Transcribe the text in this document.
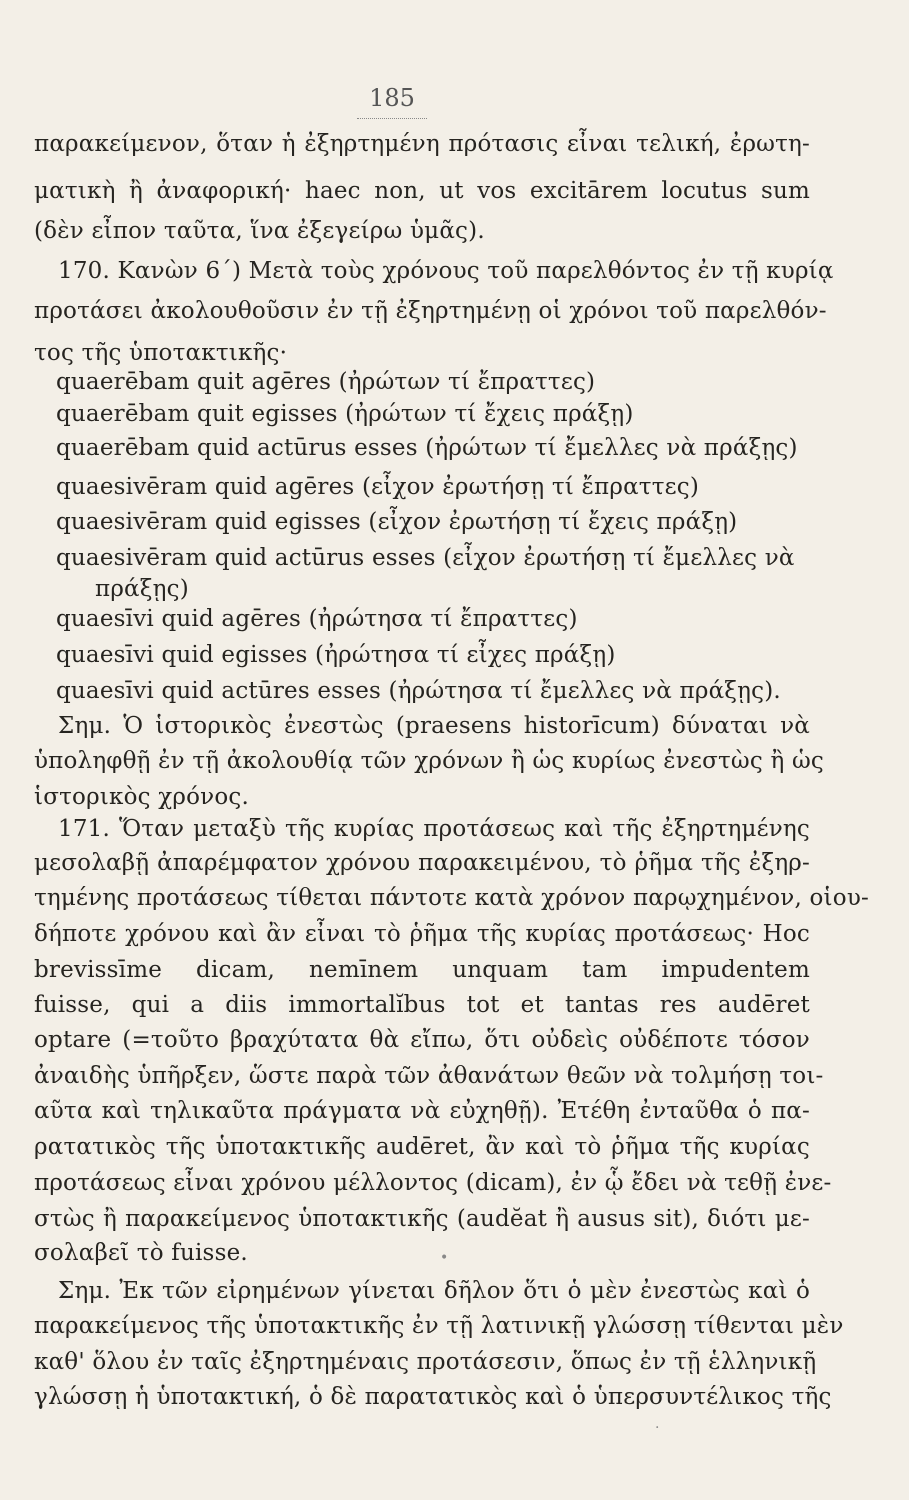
185
παρακείμενον, ὅταν ἡ ἐξηρτημένη πρότασις εἶναι τελική, ἐρωτη-
ματικὴ ἢ ἀναφορική· haec non, ut vos excitārem locutus sum
(δὲν εἶπον ταῦτα, ἵνα ἐξεγείρω ὑμᾶς).
170. Κανὼν 6´) Μετὰ τοὺς χρόνους τοῦ παρελθόντος ἐν τῇ κυρίᾳ
προτάσει ἀκολουθοῦσιν ἐν τῇ ἐξηρτημένῃ οἱ χρόνοι τοῦ παρελθόν-
τος τῆς ὑποτακτικῆς·
quaerēbam quit agēres (ἠρώτων τί ἔπραττες)
quaerēbam quit egisses (ἠρώτων τί ἔχεις πράξῃ)
quaerēbam quid actūrus esses (ἠρώτων τί ἔμελλες νὰ πράξῃς)
quaesivēram quid agēres (εἶχον ἐρωτήσῃ τί ἔπραττες)
quaesivēram quid egisses (εἶχον ἐρωτήσῃ τί ἔχεις πράξῃ)
quaesivēram quid actūrus esses (εἶχον ἐρωτήσῃ τί ἔμελλες νὰ
πράξῃς)
quaesīvi quid agēres (ἠρώτησα τί ἔπραττες)
quaesīvi quid egisses (ἠρώτησα τί εἶχες πράξῃ)
quaesīvi quid actūres esses (ἠρώτησα τί ἔμελλες νὰ πράξῃς).
Σημ. Ὁ ἱστορικὸς ἐνεστὼς (praesens historīcum) δύναται νὰ
ὑποληφθῇ ἐν τῇ ἀκολουθίᾳ τῶν χρόνων ἢ ὡς κυρίως ἐνεστὼς ἢ ὡς
ἱστορικὸς χρόνος.
171. Ὅταν μεταξὺ τῆς κυρίας προτάσεως καὶ τῆς ἐξηρτημένης
μεσολαβῇ ἀπαρέμφατον χρόνου παρακειμένου, τὸ ῥῆμα τῆς ἐξηρ-
τημένης προτάσεως τίθεται πάντοτε κατὰ χρόνον παρῳχημένον, οἱου-
δήποτε χρόνου καὶ ἂν εἶναι τὸ ῥῆμα τῆς κυρίας προτάσεως· Hoc
brevissīme dicam, nemīnem unquam tam impudentem
fuisse, qui a diis immortalĭbus tot et tantas res audēret
optare (=τοῦτο βραχύτατα θὰ εἴπω, ὅτι οὐδεὶς οὐδέποτε τόσον
ἀναιδὴς ὑπῆρξεν, ὥστε παρὰ τῶν ἀθανάτων θεῶν νὰ τολμήσῃ τοι-
αῦτα καὶ τηλικαῦτα πράγματα νὰ εὐχηθῇ). Ἐτέθη ἐνταῦθα ὁ πα-
ρατατικὸς τῆς ὑποτακτικῆς audēret, ἂν καὶ τὸ ῥῆμα τῆς κυρίας
προτάσεως εἶναι χρόνου μέλλοντος (dicam), ἐν ᾧ ἔδει νὰ τεθῇ ἐνε-
στὼς ἢ παρακείμενος ὑποτακτικῆς (audĕat ἢ ausus sit), διότι με-
σολαβεῖ τὸ fuisse.
Σημ. Ἐκ τῶν εἰρημένων γίνεται δῆλον ὅτι ὁ μὲν ἐνεστὼς καὶ ὁ
παρακείμενος τῆς ὑποτακτικῆς ἐν τῇ λατινικῇ γλώσσῃ τίθενται μὲν
καθ' ὅλου ἐν ταῖς ἐξηρτημέναις προτάσεσιν, ὅπως ἐν τῇ ἑλληνικῇ
γλώσσῃ ἡ ὑποτακτική, ὁ δὲ παρατατικὸς καὶ ὁ ὑπερσυντέλικος τῆς
•
·
